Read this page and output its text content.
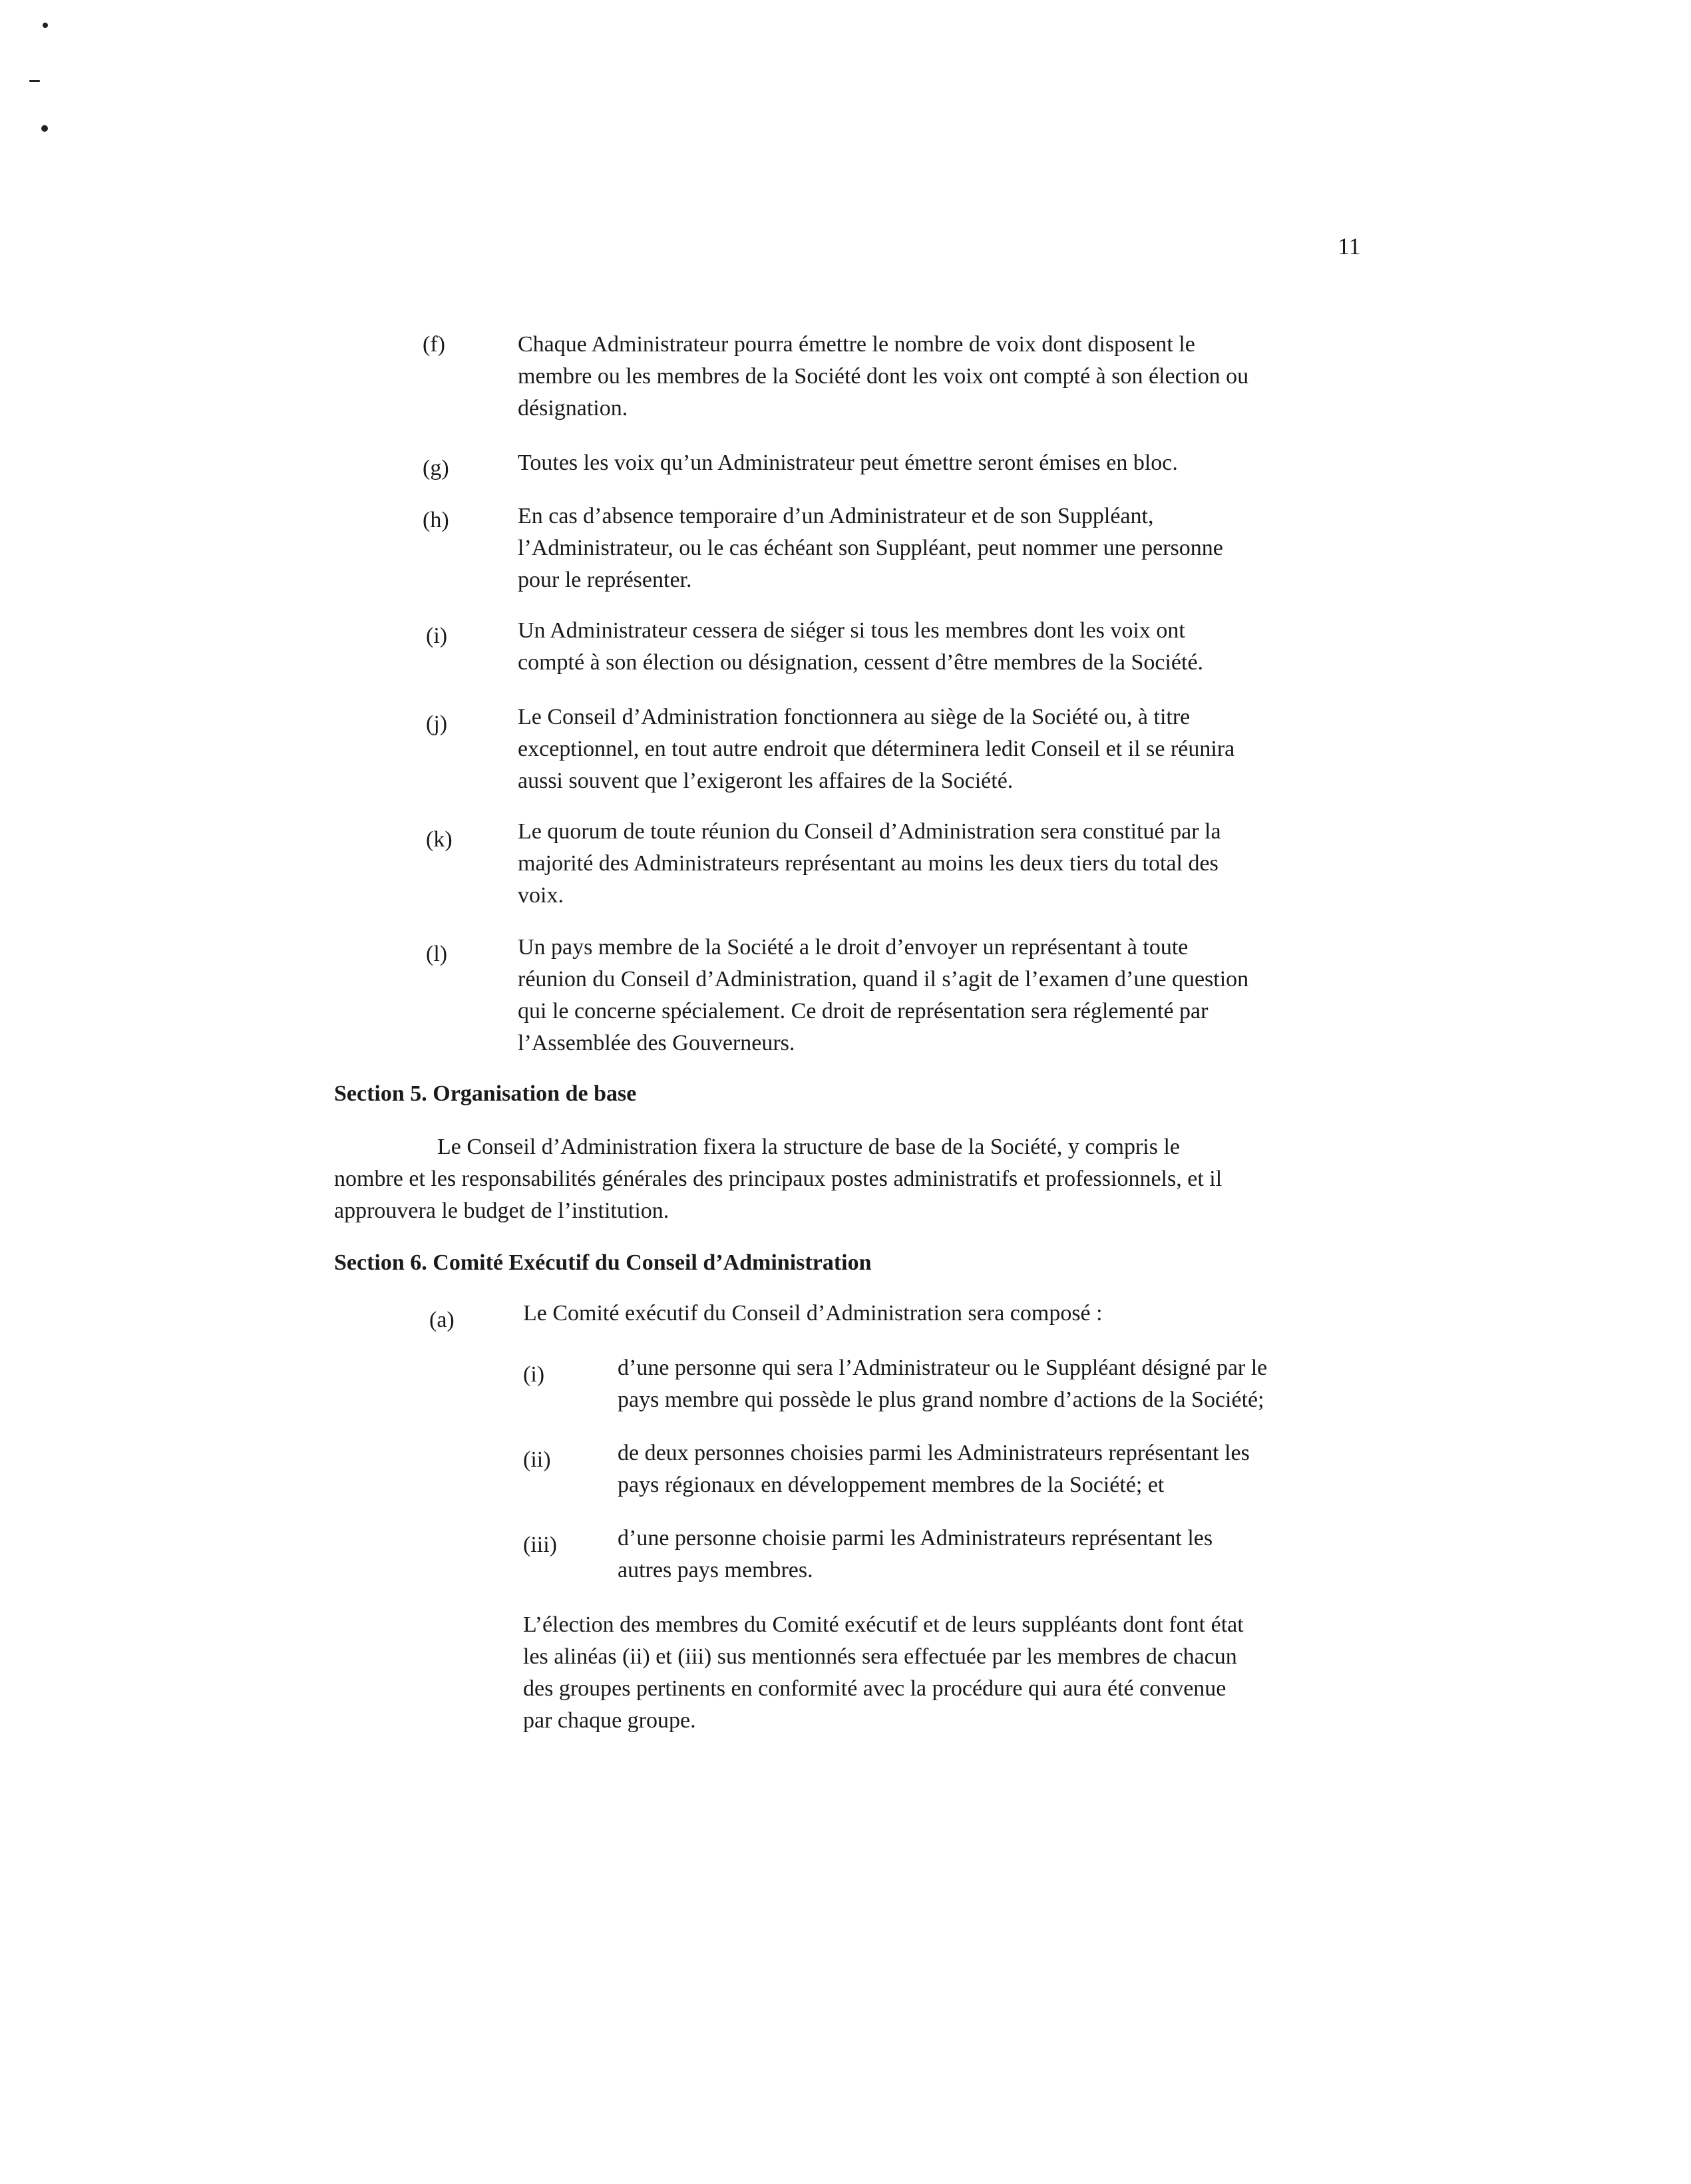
11
(f)	Chaque Administrateur pourra émettre le nombre de voix dont disposent le
membre ou les membres de la Société dont les voix ont compté à son élection ou
désignation.
(g)	Toutes les voix qu’un Administrateur peut émettre seront émises en bloc.
(h)	En cas d’absence temporaire d’un Administrateur et de son Suppléant,
l’Administrateur, ou le cas échéant son Suppléant, peut nommer une personne
pour le représenter.
(i)	Un Administrateur cessera de siéger si tous les membres dont les voix ont
compté à son élection ou désignation, cessent d’être membres de la Société.
(j)	Le Conseil d’Administration fonctionnera au siège de la Société ou, à titre
exceptionnel, en tout autre endroit que déterminera ledit Conseil et il se réunira
aussi souvent que l’exigeront les affaires de la Société.
(k)	Le quorum de toute réunion du Conseil d’Administration sera constitué par la
majorité des Administrateurs représentant au moins les deux tiers du total des
voix.
(l)	Un pays membre de la Société a le droit d’envoyer un représentant à toute
réunion du Conseil d’Administration, quand il s’agit de l’examen d’une question
qui le concerne spécialement. Ce droit de représentation sera réglementé par
l’Assemblée des Gouverneurs.
Section 5. Organisation de base
Le Conseil d’Administration fixera la structure de base de la Société, y compris le
nombre et les responsabilités générales des principaux postes administratifs et professionnels, et il
approuvera le budget de l’institution.
Section 6. Comité Exécutif du Conseil d’Administration
(a)	Le Comité exécutif du Conseil d’Administration sera composé :
(i)	d’une personne qui sera l’Administrateur ou le Suppléant désigné par le
pays membre qui possède le plus grand nombre d’actions de la Société;
(ii)	de deux personnes choisies parmi les Administrateurs représentant les
pays régionaux en développement membres de la Société; et
(iii)	d’une personne choisie parmi les Administrateurs représentant les
autres pays membres.
L’élection des membres du Comité exécutif et de leurs suppléants dont font état
les alinéas (ii) et (iii) sus mentionnés sera effectuée par les membres de chacun
des groupes pertinents en conformité avec la procédure qui aura été convenue
par chaque groupe.
